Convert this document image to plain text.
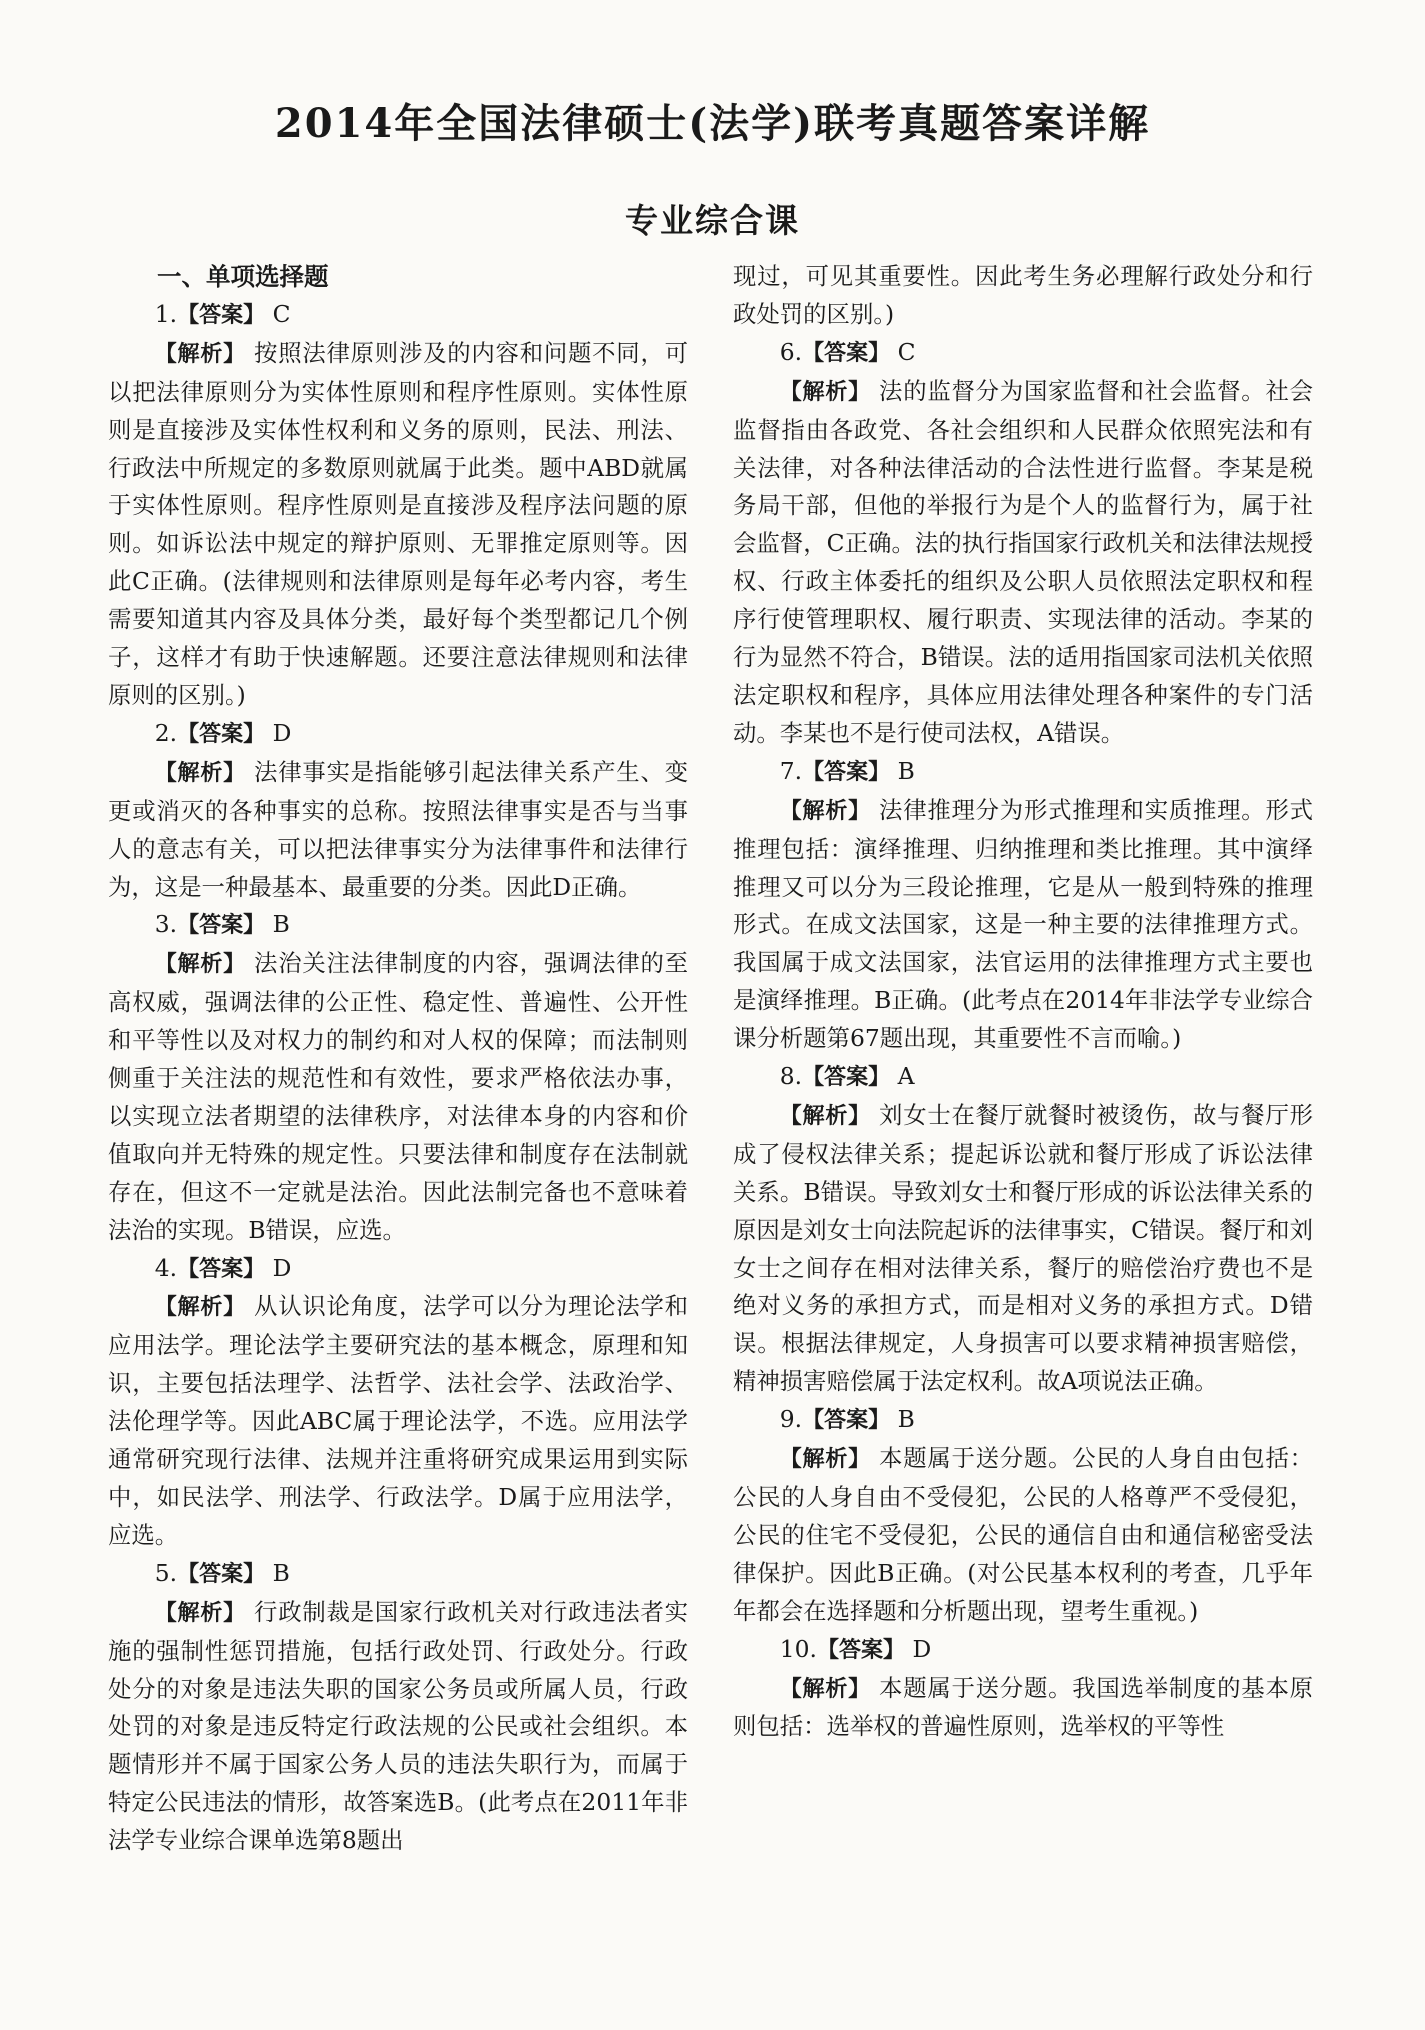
2014年全国法律硕士(法学)联考真题答案详解
专业综合课

一、单项选择题

1.【答案】 C

【解析】 按照法律原则涉及的内容和问题不同，可以把法律原则分为实体性原则和程序性原则。实体性原则是直接涉及实体性权利和义务的原则，民法、刑法、行政法中所规定的多数原则就属于此类。题中ABD就属于实体性原则。程序性原则是直接涉及程序法问题的原则。如诉讼法中规定的辩护原则、无罪推定原则等。因此C正确。(法律规则和法律原则是每年必考内容，考生需要知道其内容及具体分类，最好每个类型都记几个例子，这样才有助于快速解题。还要注意法律规则和法律原则的区别。)

2.【答案】 D

【解析】 法律事实是指能够引起法律关系产生、变更或消灭的各种事实的总称。按照法律事实是否与当事人的意志有关，可以把法律事实分为法律事件和法律行为，这是一种最基本、最重要的分类。因此D正确。

3.【答案】 B

【解析】 法治关注法律制度的内容，强调法律的至高权威，强调法律的公正性、稳定性、普遍性、公开性和平等性以及对权力的制约和对人权的保障；而法制则侧重于关注法的规范性和有效性，要求严格依法办事，以实现立法者期望的法律秩序，对法律本身的内容和价值取向并无特殊的规定性。只要法律和制度存在法制就存在，但这不一定就是法治。因此法制完备也不意味着法治的实现。B错误，应选。

4.【答案】 D

【解析】 从认识论角度，法学可以分为理论法学和应用法学。理论法学主要研究法的基本概念，原理和知识，主要包括法理学、法哲学、法社会学、法政治学、法伦理学等。因此ABC属于理论法学，不选。应用法学通常研究现行法律、法规并注重将研究成果运用到实际中，如民法学、刑法学、行政法学。D属于应用法学，应选。

5.【答案】 B

【解析】 行政制裁是国家行政机关对行政违法者实施的强制性惩罚措施，包括行政处罚、行政处分。行政处分的对象是违法失职的国家公务员或所属人员，行政处罚的对象是违反特定行政法规的公民或社会组织。本题情形并不属于国家公务人员的违法失职行为，而属于特定公民违法的情形，故答案选B。(此考点在2011年非法学专业综合课单选第8题出

现过，可见其重要性。因此考生务必理解行政处分和行政处罚的区别。)

6.【答案】 C

【解析】 法的监督分为国家监督和社会监督。社会监督指由各政党、各社会组织和人民群众依照宪法和有关法律，对各种法律活动的合法性进行监督。李某是税务局干部，但他的举报行为是个人的监督行为，属于社会监督，C正确。法的执行指国家行政机关和法律法规授权、行政主体委托的组织及公职人员依照法定职权和程序行使管理职权、履行职责、实现法律的活动。李某的行为显然不符合，B错误。法的适用指国家司法机关依照法定职权和程序，具体应用法律处理各种案件的专门活动。李某也不是行使司法权，A错误。

7.【答案】 B

【解析】 法律推理分为形式推理和实质推理。形式推理包括：演绎推理、归纳推理和类比推理。其中演绎推理又可以分为三段论推理，它是从一般到特殊的推理形式。在成文法国家，这是一种主要的法律推理方式。我国属于成文法国家，法官运用的法律推理方式主要也是演绎推理。B正确。(此考点在2014年非法学专业综合课分析题第67题出现，其重要性不言而喻。)

8.【答案】 A

【解析】 刘女士在餐厅就餐时被烫伤，故与餐厅形成了侵权法律关系；提起诉讼就和餐厅形成了诉讼法律关系。B错误。导致刘女士和餐厅形成的诉讼法律关系的原因是刘女士向法院起诉的法律事实，C错误。餐厅和刘女士之间存在相对法律关系，餐厅的赔偿治疗费也不是绝对义务的承担方式，而是相对义务的承担方式。D错误。根据法律规定，人身损害可以要求精神损害赔偿，精神损害赔偿属于法定权利。故A项说法正确。

9.【答案】 B

【解析】 本题属于送分题。公民的人身自由包括：公民的人身自由不受侵犯，公民的人格尊严不受侵犯，公民的住宅不受侵犯，公民的通信自由和通信秘密受法律保护。因此B正确。(对公民基本权利的考查，几乎年年都会在选择题和分析题出现，望考生重视。)

10.【答案】 D

【解析】 本题属于送分题。我国选举制度的基本原则包括：选举权的普遍性原则，选举权的平等性
